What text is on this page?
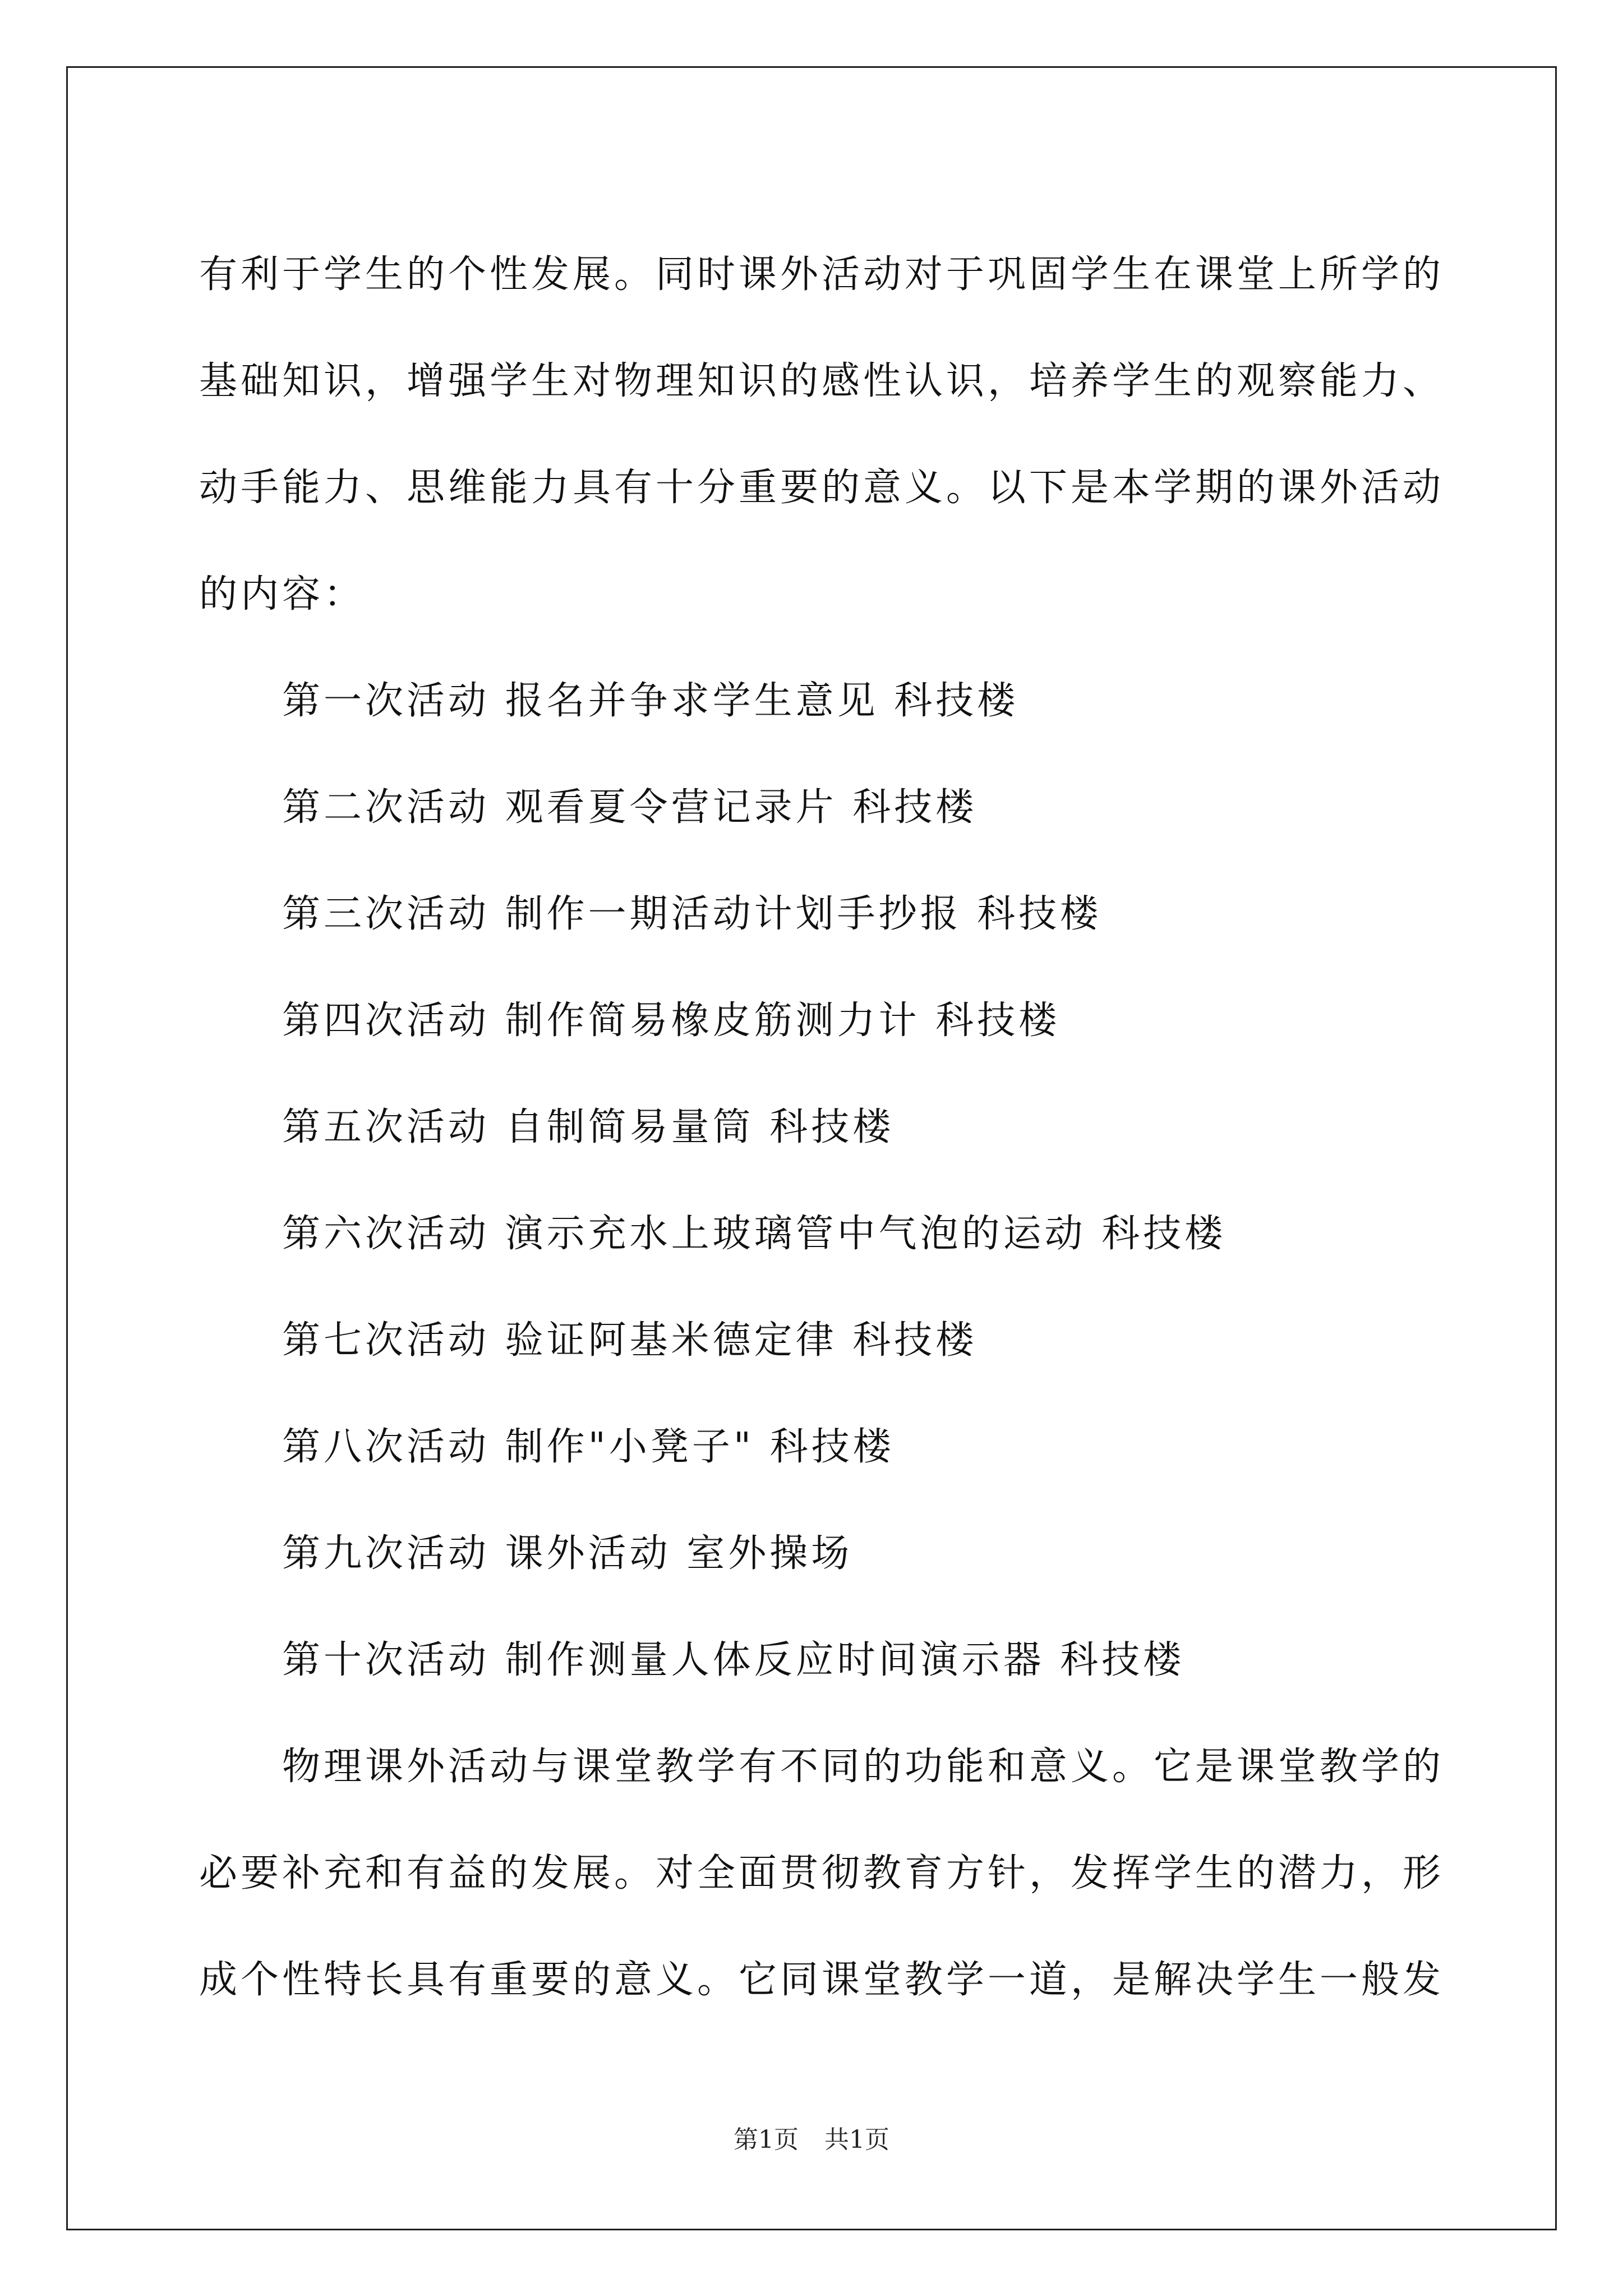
有利于学生的个性发展。同时课外活动对于巩固学生在课堂上所学的
基础知识，增强学生对物理知识的感性认识，培养学生的观察能力、
动手能力、思维能力具有十分重要的意义。以下是本学期的课外活动
的内容：
第一次活动 报名并争求学生意见 科技楼
第二次活动 观看夏令营记录片 科技楼
第三次活动 制作一期活动计划手抄报 科技楼
第四次活动 制作简易橡皮筋测力计 科技楼
第五次活动 自制简易量筒 科技楼
第六次活动 演示充水上玻璃管中气泡的运动 科技楼
第七次活动 验证阿基米德定律 科技楼
第八次活动 制作"小凳子" 科技楼
第九次活动 课外活动 室外操场
第十次活动 制作测量人体反应时间演示器 科技楼
物理课外活动与课堂教学有不同的功能和意义。它是课堂教学的
必要补充和有益的发展。对全面贯彻教育方针，发挥学生的潜力，形
成个性特长具有重要的意义。它同课堂教学一道，是解决学生一般发
第1页 共1页
